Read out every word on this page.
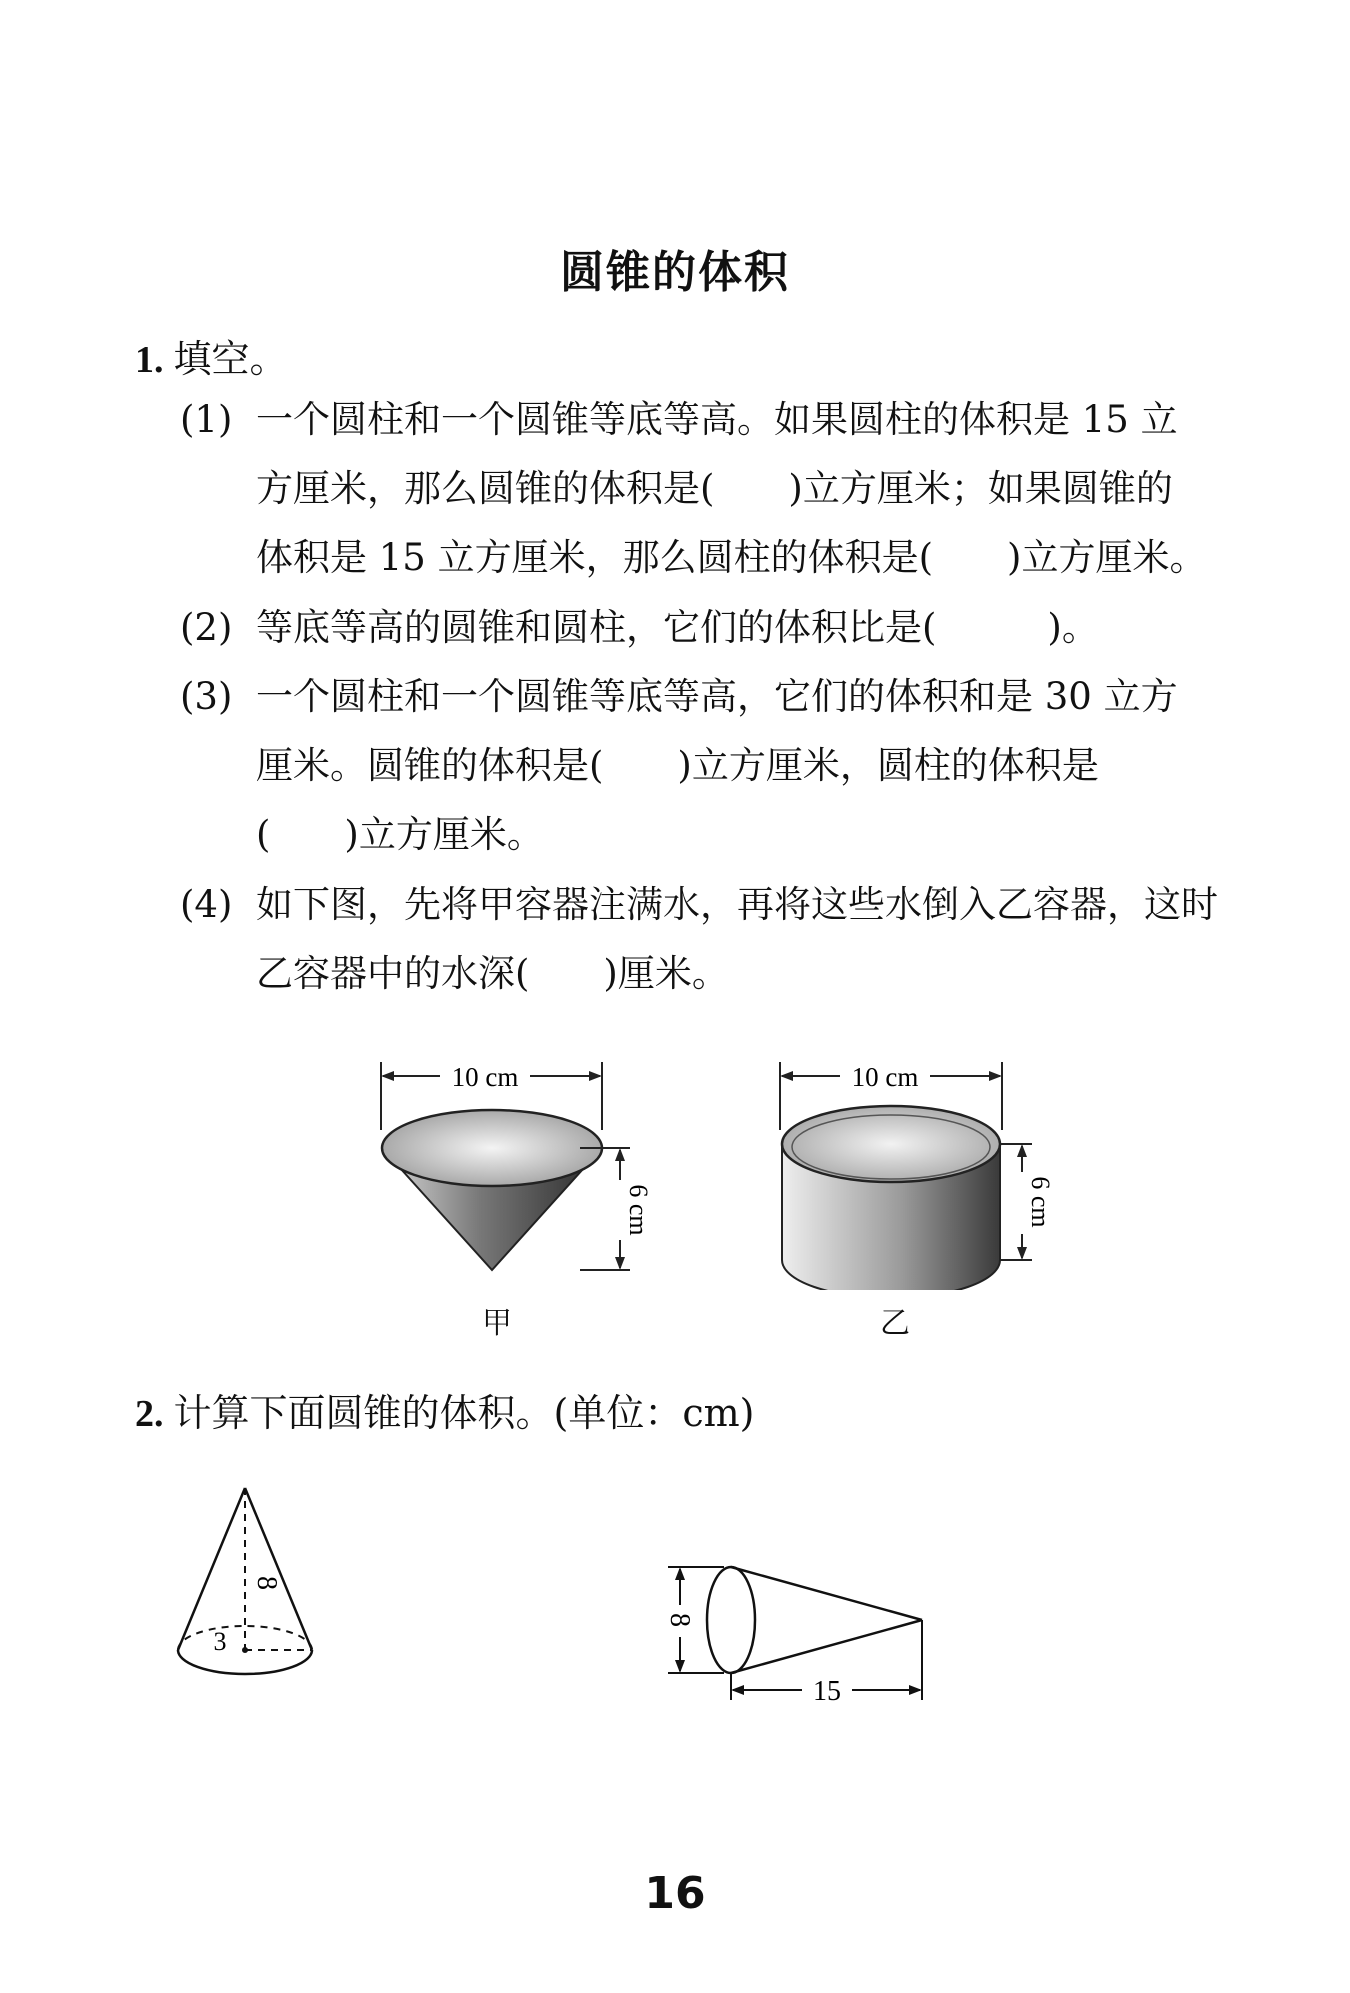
圆锥的体积
1. 填空。
(1) 一个圆柱和一个圆锥等底等高。如果圆柱的体积是 15 立
方厘米，那么圆锥的体积是(　　)立方厘米；如果圆锥的
体积是 15 立方厘米，那么圆柱的体积是(　　)立方厘米。
(2) 等底等高的圆锥和圆柱，它们的体积比是(　　　)。
(3) 一个圆柱和一个圆锥等底等高，它们的体积和是 30 立方
厘米。圆锥的体积是(　　)立方厘米，圆柱的体积是
(　　)立方厘米。
(4) 如下图，先将甲容器注满水，再将这些水倒入乙容器，这时
乙容器中的水深(　　)厘米。
10 cm
6 cm
甲
10 cm
6 cm
乙
2. 计算下面圆锥的体积。(单位：cm)
8
3
8
15
16
